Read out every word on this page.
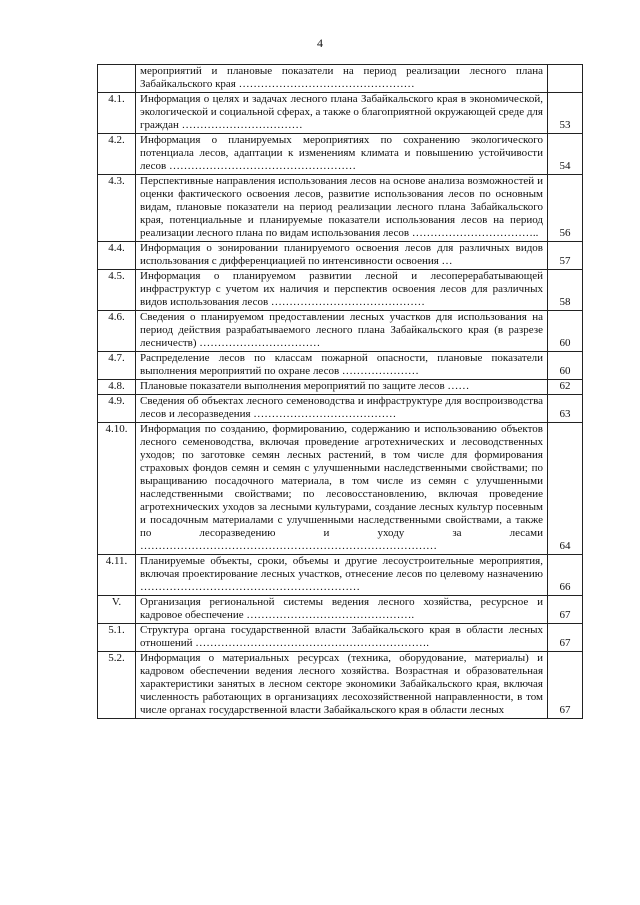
4
	мероприятий и плановые показатели на период реализации лесного плана Забайкальского края …………………………………………	
4.1.	Информация о целях и задачах лесного плана Забайкальского края в экономической, экологической и социальной сферах, а также о благоприятной окружающей среде для граждан ……………………………	53
4.2.	Информация о планируемых мероприятиях по сохранению экологического потенциала лесов, адаптации к изменениям климата и повышению устойчивости лесов ……………………………………………	54
4.3.	Перспективные направления использования лесов на основе анализа возможностей и оценки фактического освоения лесов, развитие использования лесов по основным видам, плановые показатели на период реализации лесного плана Забайкальского края, потенциальные и планируемые показатели использования лесов на период реализации лесного плана по видам использования лесов ……………………………..	56
4.4.	Информация о зонировании планируемого освоения лесов для различных видов использования с дифференциацией по интенсивности освоения …	57
4.5.	Информация о планируемом развитии лесной и лесоперерабатывающей инфраструктур с учетом их наличия и перспектив освоения лесов для различных видов использования лесов ……………………………………	58
4.6.	Сведения о планируемом предоставлении лесных участков для использования на период действия разрабатываемого лесного плана Забайкальского края (в разрезе лесничеств) ……………………………	60
4.7.	Распределение лесов по классам пожарной опасности, плановые показатели выполнения мероприятий по охране лесов …………………	60
4.8.	Плановые показатели выполнения мероприятий по защите лесов ……	62
4.9.	Сведения об объектах лесного семеноводства и инфраструктуре для воспроизводства лесов и лесоразведения …………………………………	63
4.10.	Информация по созданию, формированию, содержанию и использованию объектов лесного семеноводства, включая проведение агротехнических и лесоводственных уходов; по заготовке семян лесных растений, в том числе для формирования страховых фондов семян и семян с улучшенными наследственными свойствами; по выращиванию посадочного материала, в том числе из семян с улучшенными наследственными свойствами; по лесовосстановлению, включая проведение агротехнических уходов за лесными культурами, создание лесных культур посевным и посадочным материалами с улучшенными наследственными свойствами, а также по лесоразведению и уходу за лесами ………………………………………………………………………	64
4.11.	Планируемые объекты, сроки, объемы и другие лесоустроительные мероприятия, включая проектирование лесных участков, отнесение лесов по целевому назначению ……………………………………………………	66
V.	Организация региональной системы ведения лесного хозяйства, ресурсное и кадровое обеспечение ……………………………………….	67
5.1.	Структура органа государственной власти Забайкальского края в области лесных отношений ……………………………………………………….	67
5.2.	Информация о материальных ресурсах (техника, оборудование, материалы) и кадровом обеспечении ведения лесного хозяйства. Возрастная и образовательная характеристики занятых в лесном секторе экономики Забайкальского края, включая численность работающих в организациях лесохозяйственной направленности, в том числе органах государственной власти Забайкальского края в области лесных	67
